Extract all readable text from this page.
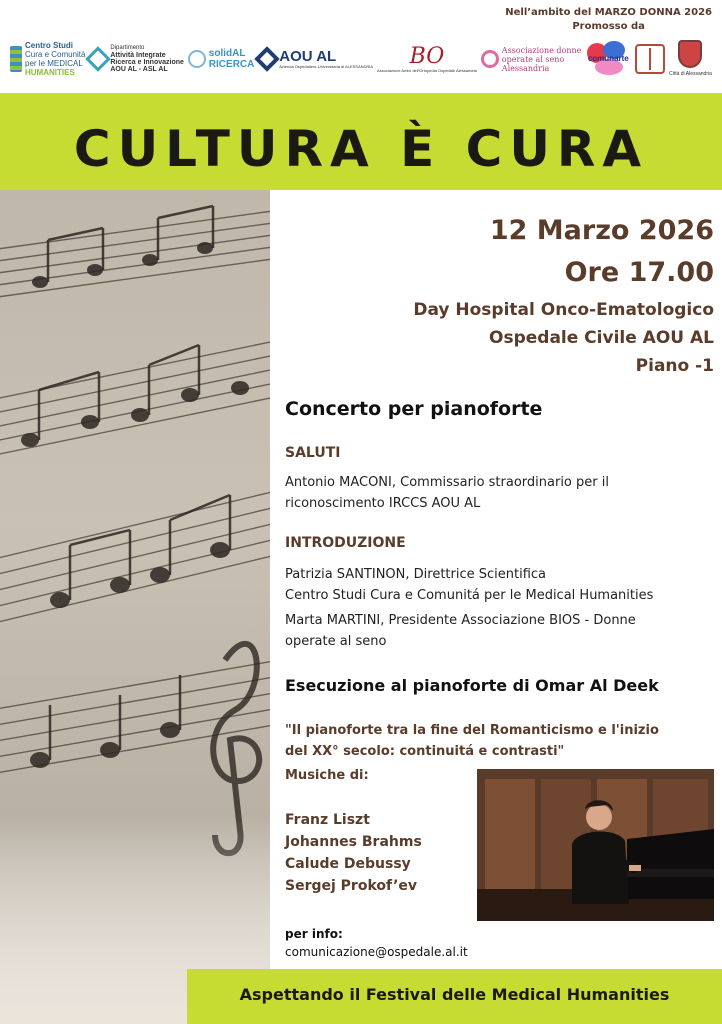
Nell’ambito del MARZO DONNA 2026
Promosso da
Centro Studi
Cura e Comunità
per le MEDICAL
HUMANITIES
Dipartimento
Attività Integrate
Ricerca e Innovazione
AOU AL - ASL AL
solidAL
RICERCA AOU AL
Azienda Ospedaliero-Universitaria di ALESSANDRIA BO
Associazione Amici dell'Ortopedia Ospedale Alessandria
Associazione donne
operate al seno
Alessandria
comunarte
Città di Alessandria
CULTURA È CURA
12 Marzo 2026
Ore 17.00
Day Hospital Onco-Ematologico
Ospedale Civile AOU AL
Piano -1
Concerto per pianoforte
SALUTI
Antonio MACONI, Commissario straordinario per il
riconoscimento IRCCS AOU AL
INTRODUZIONE
Patrizia SANTINON, Direttrice Scientifica
Centro Studi Cura e Comunitá per le Medical Humanities
Marta MARTINI, Presidente Associazione BIOS - Donne
operate al seno
Esecuzione al pianoforte di Omar Al Deek
"Il pianoforte tra la fine del Romanticismo e l'inizio
del XX° secolo: continuitá e contrasti"
Musiche di:
Franz Liszt
Johannes Brahms
Calude Debussy
Sergej Prokof’ev
per info:
comunicazione@ospedale.al.it
Aspettando il Festival delle Medical Humanities
